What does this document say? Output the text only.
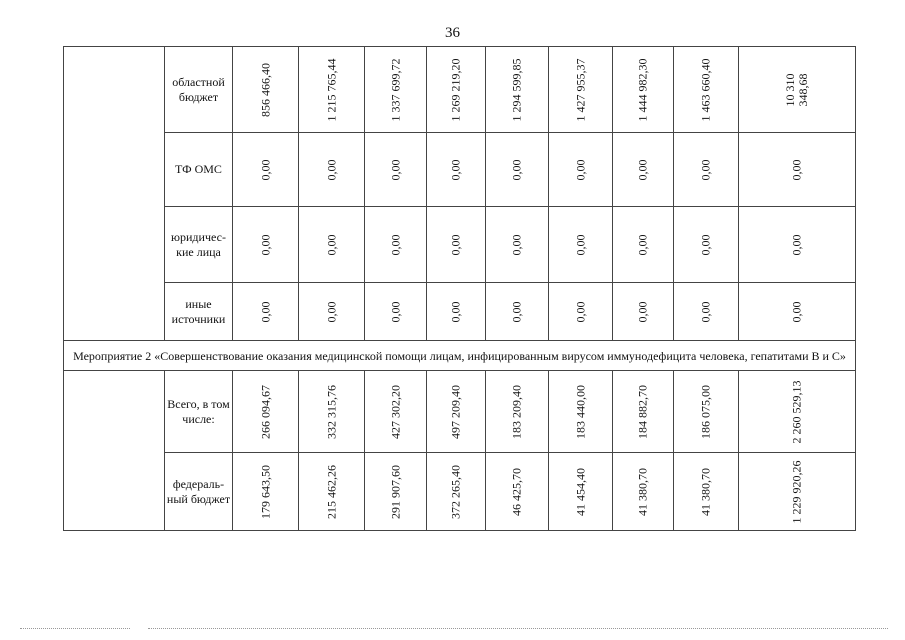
36
	областной бюджет	856 466,40	1 215 765,44	1 337 699,72	1 269 219,20	1 294 599,85	1 427 955,37	1 444 982,30	1 463 660,40	10 310 348,68

	ТФ ОМС	0,00	0,00	0,00	0,00	0,00	0,00	0,00	0,00	0,00

	юридичес-кие лица	0,00	0,00	0,00	0,00	0,00	0,00	0,00	0,00	0,00

	иные источники	0,00	0,00	0,00	0,00	0,00	0,00	0,00	0,00	0,00

Мероприятие 2 «Совершенствование оказания медицинской помощи лицам, инфицированным вирусом иммунодефицита человека, гепатитами В и С»										
	Всего, в том числе:	266 094,67	332 315,76	427 302,20	497 209,40	183 209,40	183 440,00	184 882,70	186 075,00	2 260 529,13

	федераль-ный бюджет	179 643,50	215 462,26	291 907,60	372 265,40	46 425,70	41 454,40	41 380,70	41 380,70	1 229 920,26
